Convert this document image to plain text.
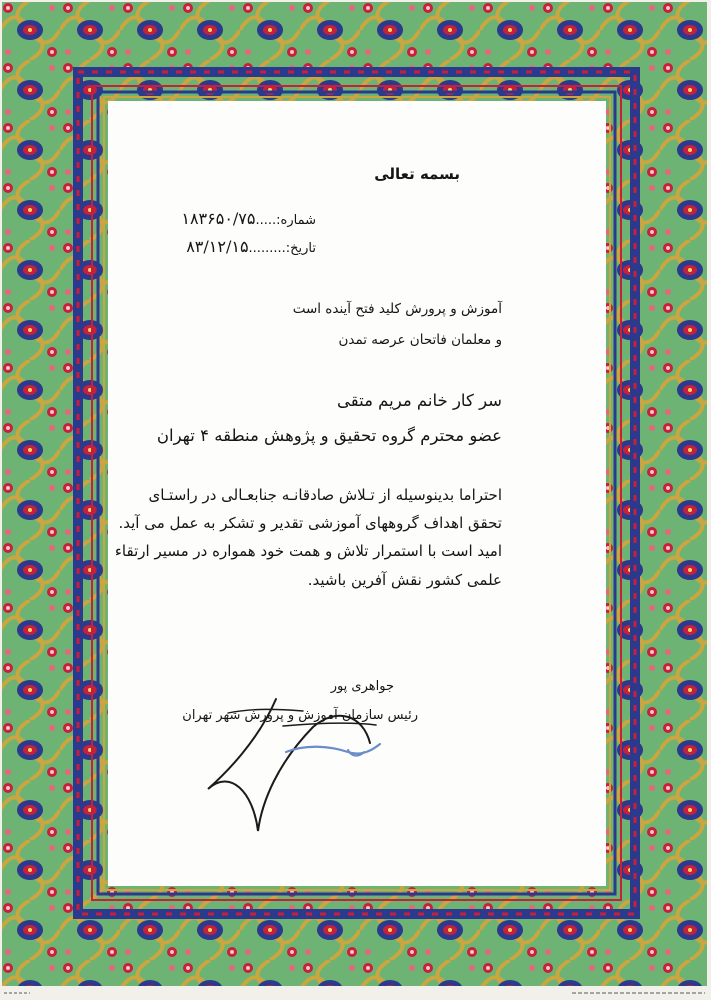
بسمه تعالی
شماره:.....۱۸۳۶۵۰/۷۵
تاریخ:.........۸۳/۱۲/۱۵
آموزش و پرورش کلید فتح آینده است
و معلمان فاتحان عرصه تمدن
سر کار خانم مریم متقی
عضو محترم گروه تحقیق و پژوهش منطقه ۴ تهران
احتراما بدینوسیله از تـلاش صادقانـه جنابعـالی در راستـای
تحقق اهداف گروههای آموزشی تقدیر و تشکر به عمل می آید.
امید است با استمرار تلاش و همت خود همواره در مسیر ارتقاء
علمی کشور نقش آفرین باشید.
جواهری پور
رئیس سازمان آموزش و پرورش شهر تهران
